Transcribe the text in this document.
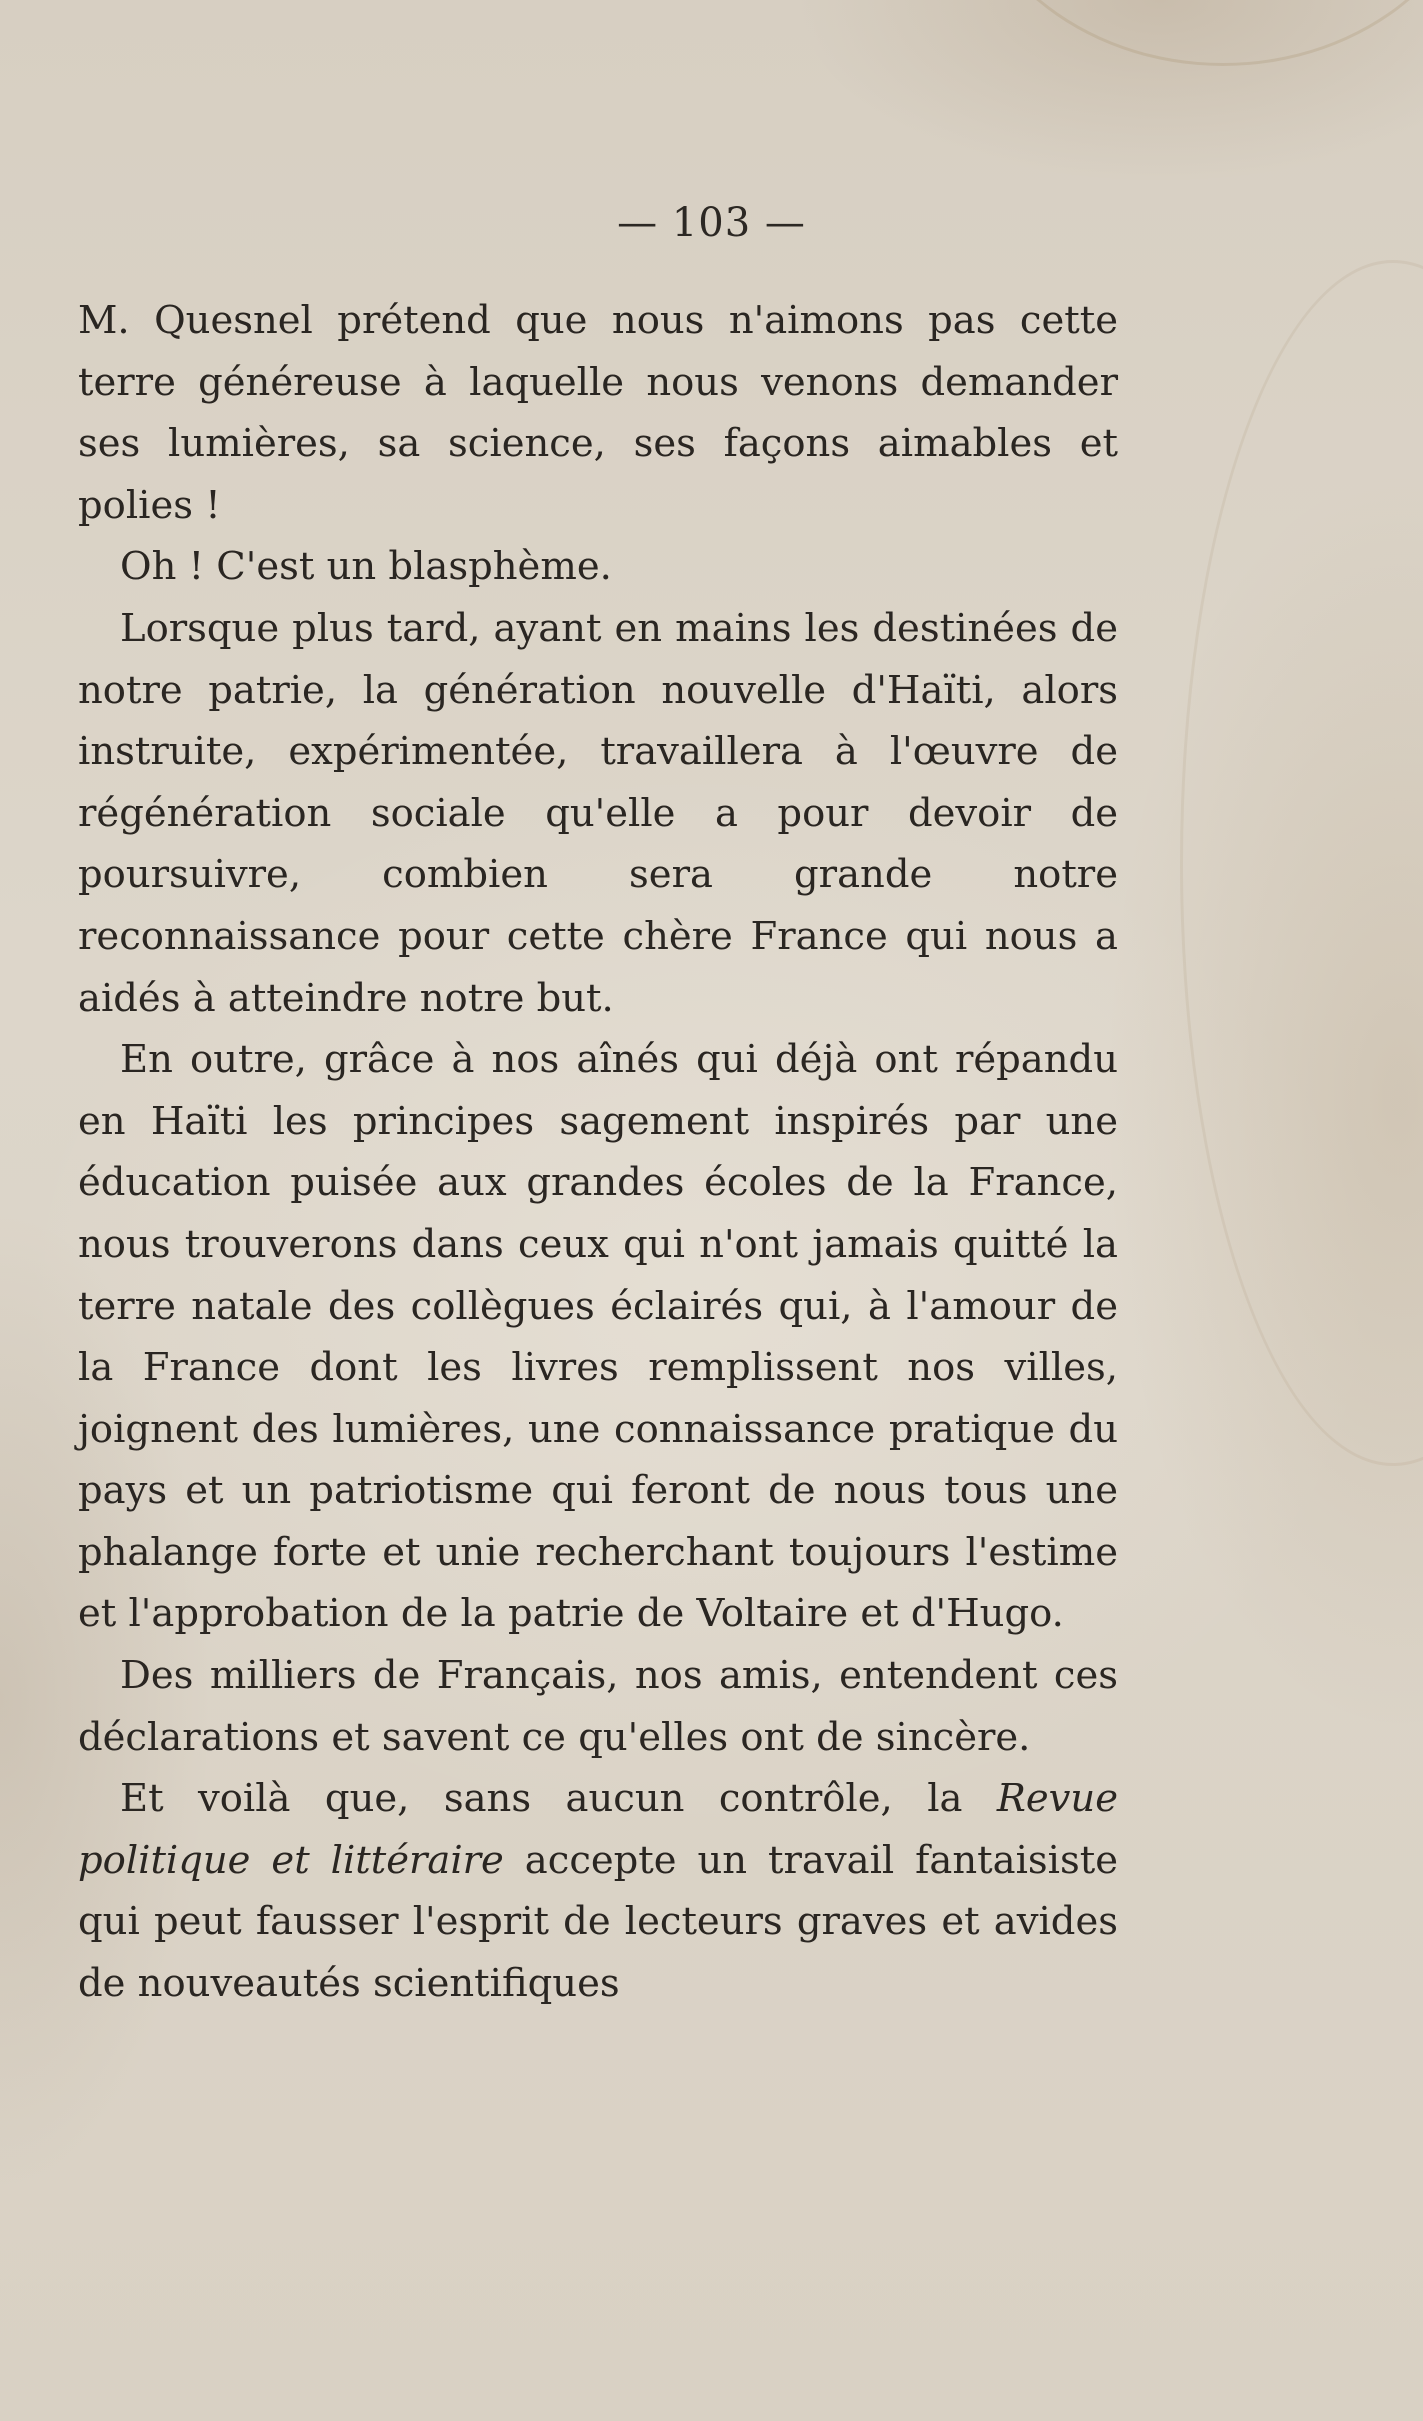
— 103 —

M. Quesnel prétend que nous n'aimons pas cette terre généreuse à laquelle nous venons demander ses lumières, sa science, ses façons aimables et polies !

Oh ! C'est un blasphème.

Lorsque plus tard, ayant en mains les destinées de notre patrie, la génération nouvelle d'Haïti, alors instruite, expérimentée, travaillera à l'œuvre de régénération sociale qu'elle a pour devoir de poursuivre, combien sera grande notre reconnaissance pour cette chère France qui nous a aidés à atteindre notre but.

En outre, grâce à nos aînés qui déjà ont répandu en Haïti les principes sagement inspirés par une éducation puisée aux grandes écoles de la France, nous trouverons dans ceux qui n'ont jamais quitté la terre natale des collègues éclairés qui, à l'amour de la France dont les livres remplissent nos villes, joignent des lumières, une connaissance pratique du pays et un patriotisme qui feront de nous tous une phalange forte et unie recherchant toujours l'estime et l'approbation de la patrie de Voltaire et d'Hugo.

Des milliers de Français, nos amis, entendent ces déclarations et savent ce qu'elles ont de sincère.

Et voilà que, sans aucun contrôle, la Revue politique et littéraire accepte un travail fantaisiste qui peut fausser l'esprit de lecteurs graves et avides de nouveautés scientifiques
